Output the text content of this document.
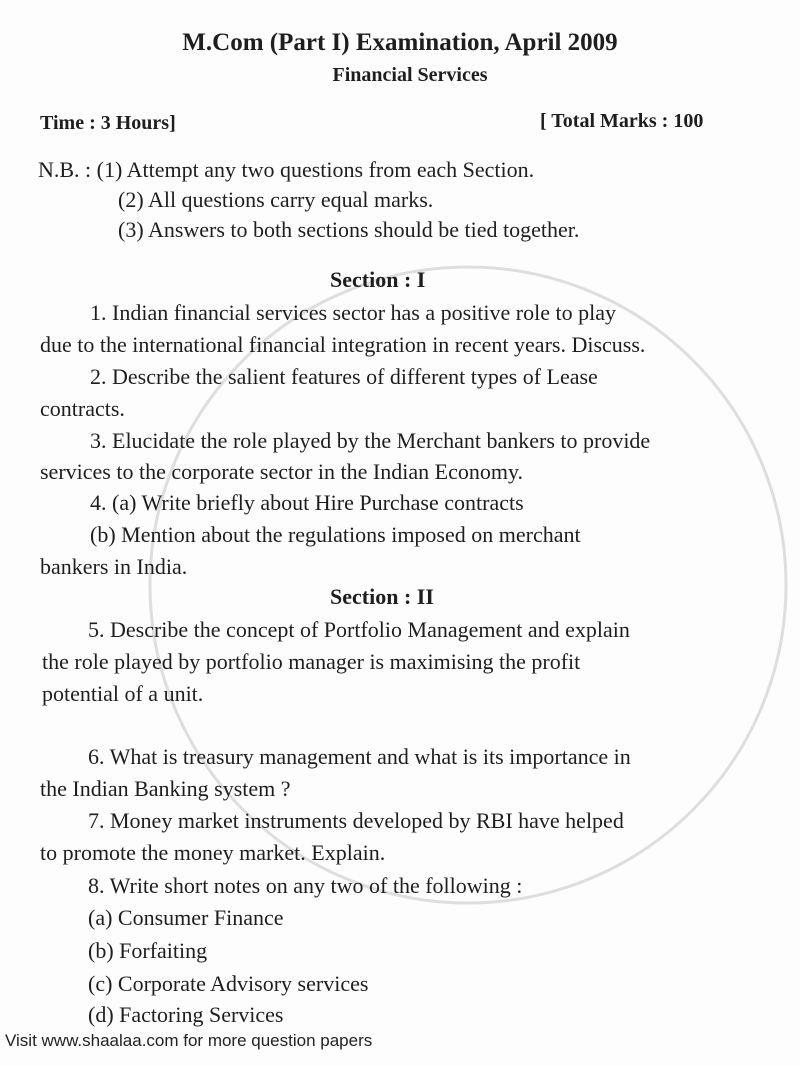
M.Com (Part I) Examination, April 2009
Financial Services
Time : 3 Hours]	[ Total Marks : 100
N.B. : (1) Attempt any two questions from each Section.
(2) All questions carry equal marks.
(3) Answers to both sections should be tied together.
Section : I
1. Indian financial services sector has a positive role to play
due to the international financial integration in recent years. Discuss.
2. Describe the salient features of different types of Lease
contracts.
3. Elucidate the role played by the Merchant bankers to provide
services to the corporate sector in the Indian Economy.
4. (a) Write briefly about Hire Purchase contracts
(b) Mention about the regulations imposed on merchant
bankers in India.
Section : II
5. Describe the concept of Portfolio Management and explain
the role played by portfolio manager is maximising the profit
potential of a unit.
6. What is treasury management and what is its importance in
the Indian Banking system ?
7. Money market instruments developed by RBI have helped
to promote the money market. Explain.
8. Write short notes on any two of the following :
(a) Consumer Finance
(b) Forfaiting
(c) Corporate Advisory services
(d) Factoring Services
Visit www.shaalaa.com for more question papers
